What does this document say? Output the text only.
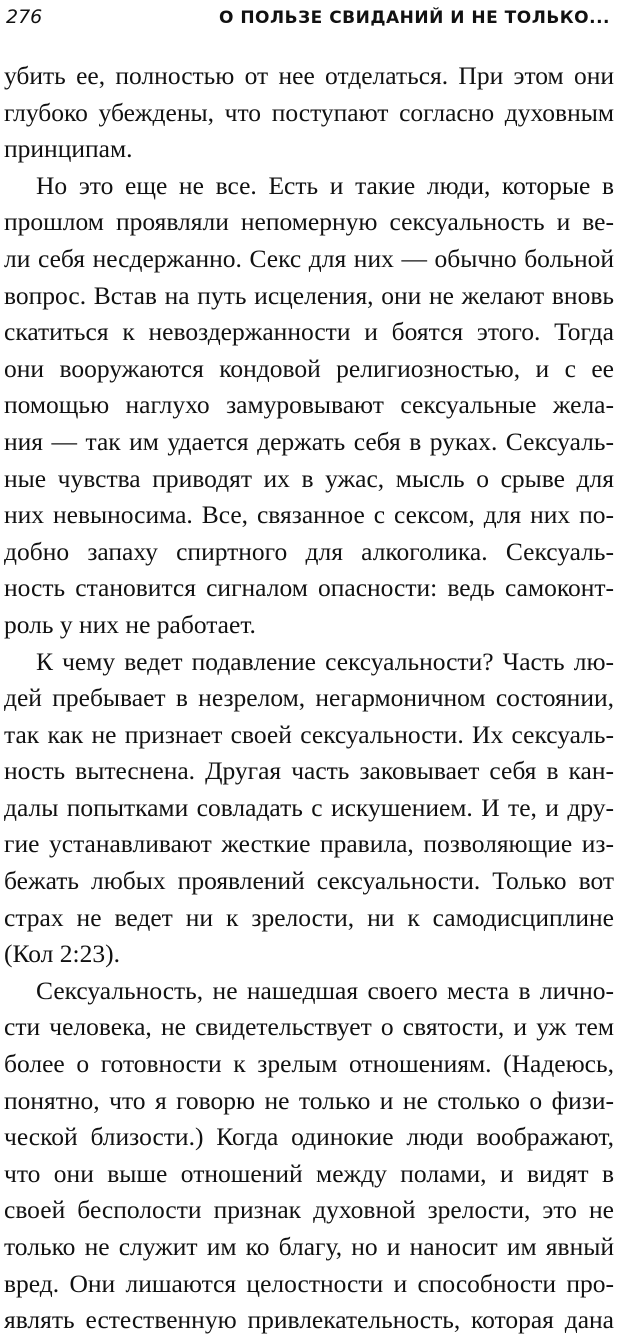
276	О ПОЛЬЗЕ СВИДАНИЙ И НЕ ТОЛЬКО...
убить ее, полностью от нее отделаться. При этом они
глубоко убеждены, что поступают согласно духовным
принципам.
Но это еще не все. Есть и такие люди, которые в
прошлом проявляли непомерную сексуальность и ве-
ли себя несдержанно. Секс для них — обычно больной
вопрос. Встав на путь исцеления, они не желают вновь
скатиться к невоздержанности и боятся этого. Тогда
они вооружаются кондовой религиозностью, и с ее
помощью наглухо замуровывают сексуальные жела-
ния — так им удается держать себя в руках. Сексуаль-
ные чувства приводят их в ужас, мысль о срыве для
них невыносима. Все, связанное с сексом, для них по-
добно запаху спиртного для алкоголика. Сексуаль-
ность становится сигналом опасности: ведь самоконт-
роль у них не работает.
К чему ведет подавление сексуальности? Часть лю-
дей пребывает в незрелом, негармоничном состоянии,
так как не признает своей сексуальности. Их сексуаль-
ность вытеснена. Другая часть заковывает себя в кан-
далы попытками совладать с искушением. И те, и дру-
гие устанавливают жесткие правила, позволяющие из-
бежать любых проявлений сексуальности. Только вот
страх не ведет ни к зрелости, ни к самодисциплине
(Кол 2:23).
Сексуальность, не нашедшая своего места в лично-
сти человека, не свидетельствует о святости, и уж тем
более о готовности к зрелым отношениям. (Надеюсь,
понятно, что я говорю не только и не столько о физи-
ческой близости.) Когда одинокие люди воображают,
что они выше отношений между полами, и видят в
своей бесполости признак духовной зрелости, это не
только не служит им ко благу, но и наносит им явный
вред. Они лишаются целостности и способности про-
являть естественную привлекательность, которая дана
